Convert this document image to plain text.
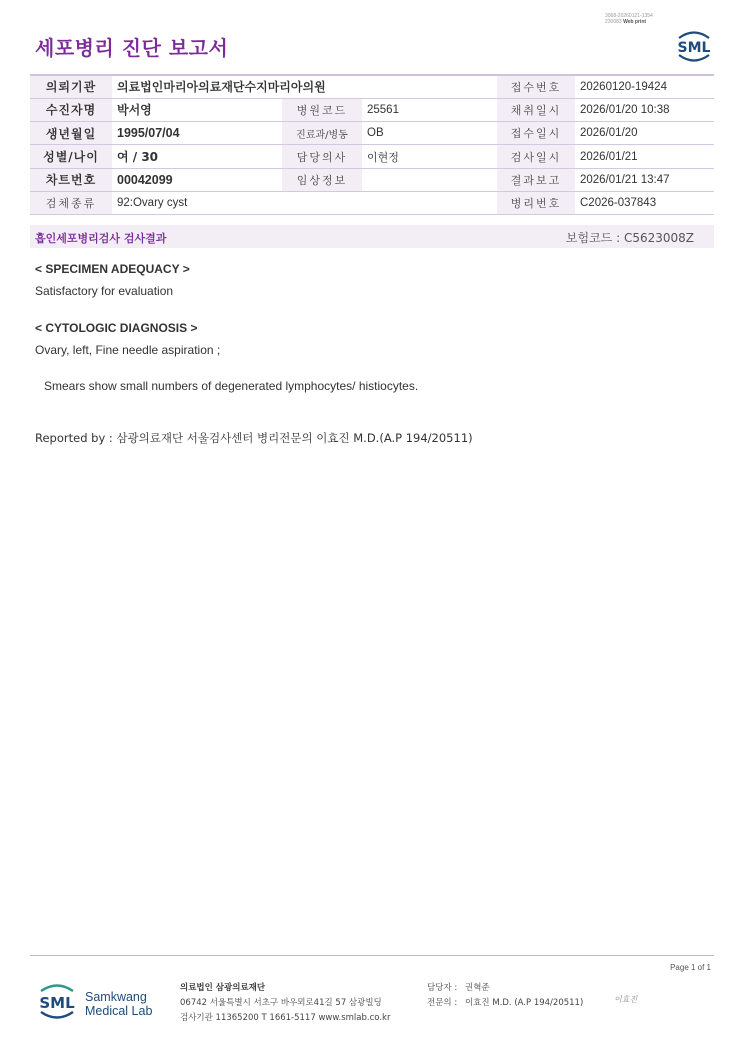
3068-20260121-1354
230083 Web print
세포병리 진단 보고서	SML
의뢰기관	의료법인마리아의료재단수지마리아의원			접수번호	20260120-19424
수진자명	박서영	병원코드	25561	채취일시	2026/01/20 10:38
생년월일	1995/07/04	진료과/병동	OB	접수일시	2026/01/20
성별/나이	여 / 30	담당의사	이현정	검사일시	2026/01/21
차트번호	00042099	임상정보		결과보고	2026/01/21 13:47
검체종류	92:Ovary cyst			병리번호	C2026-037843
흡인세포병리검사 검사결과	보험코드 : C5623008Z
< SPECIMEN ADEQUACY >
Satisfactory for evaluation
< CYTOLOGIC DIAGNOSIS >
Ovary, left, Fine needle aspiration ;
Smears show small numbers of degenerated lymphocytes/ histiocytes.
Reported by : 삼광의료재단 서울검사센터 병리전문의 이효진 M.D.(A.P 194/20511)
Page 1 of 1
SML Samkwang
Medical Lab
의료법인 삼광의료재단
06742 서울특별시 서초구 바우뫼로41길 57 삼광빌딩
검사기관 11365200 T 1661-5117 www.smlab.co.kr
담당자 : 권혁준
전문의 : 이효진 M.D. (A.P 194/20511)	이효진
